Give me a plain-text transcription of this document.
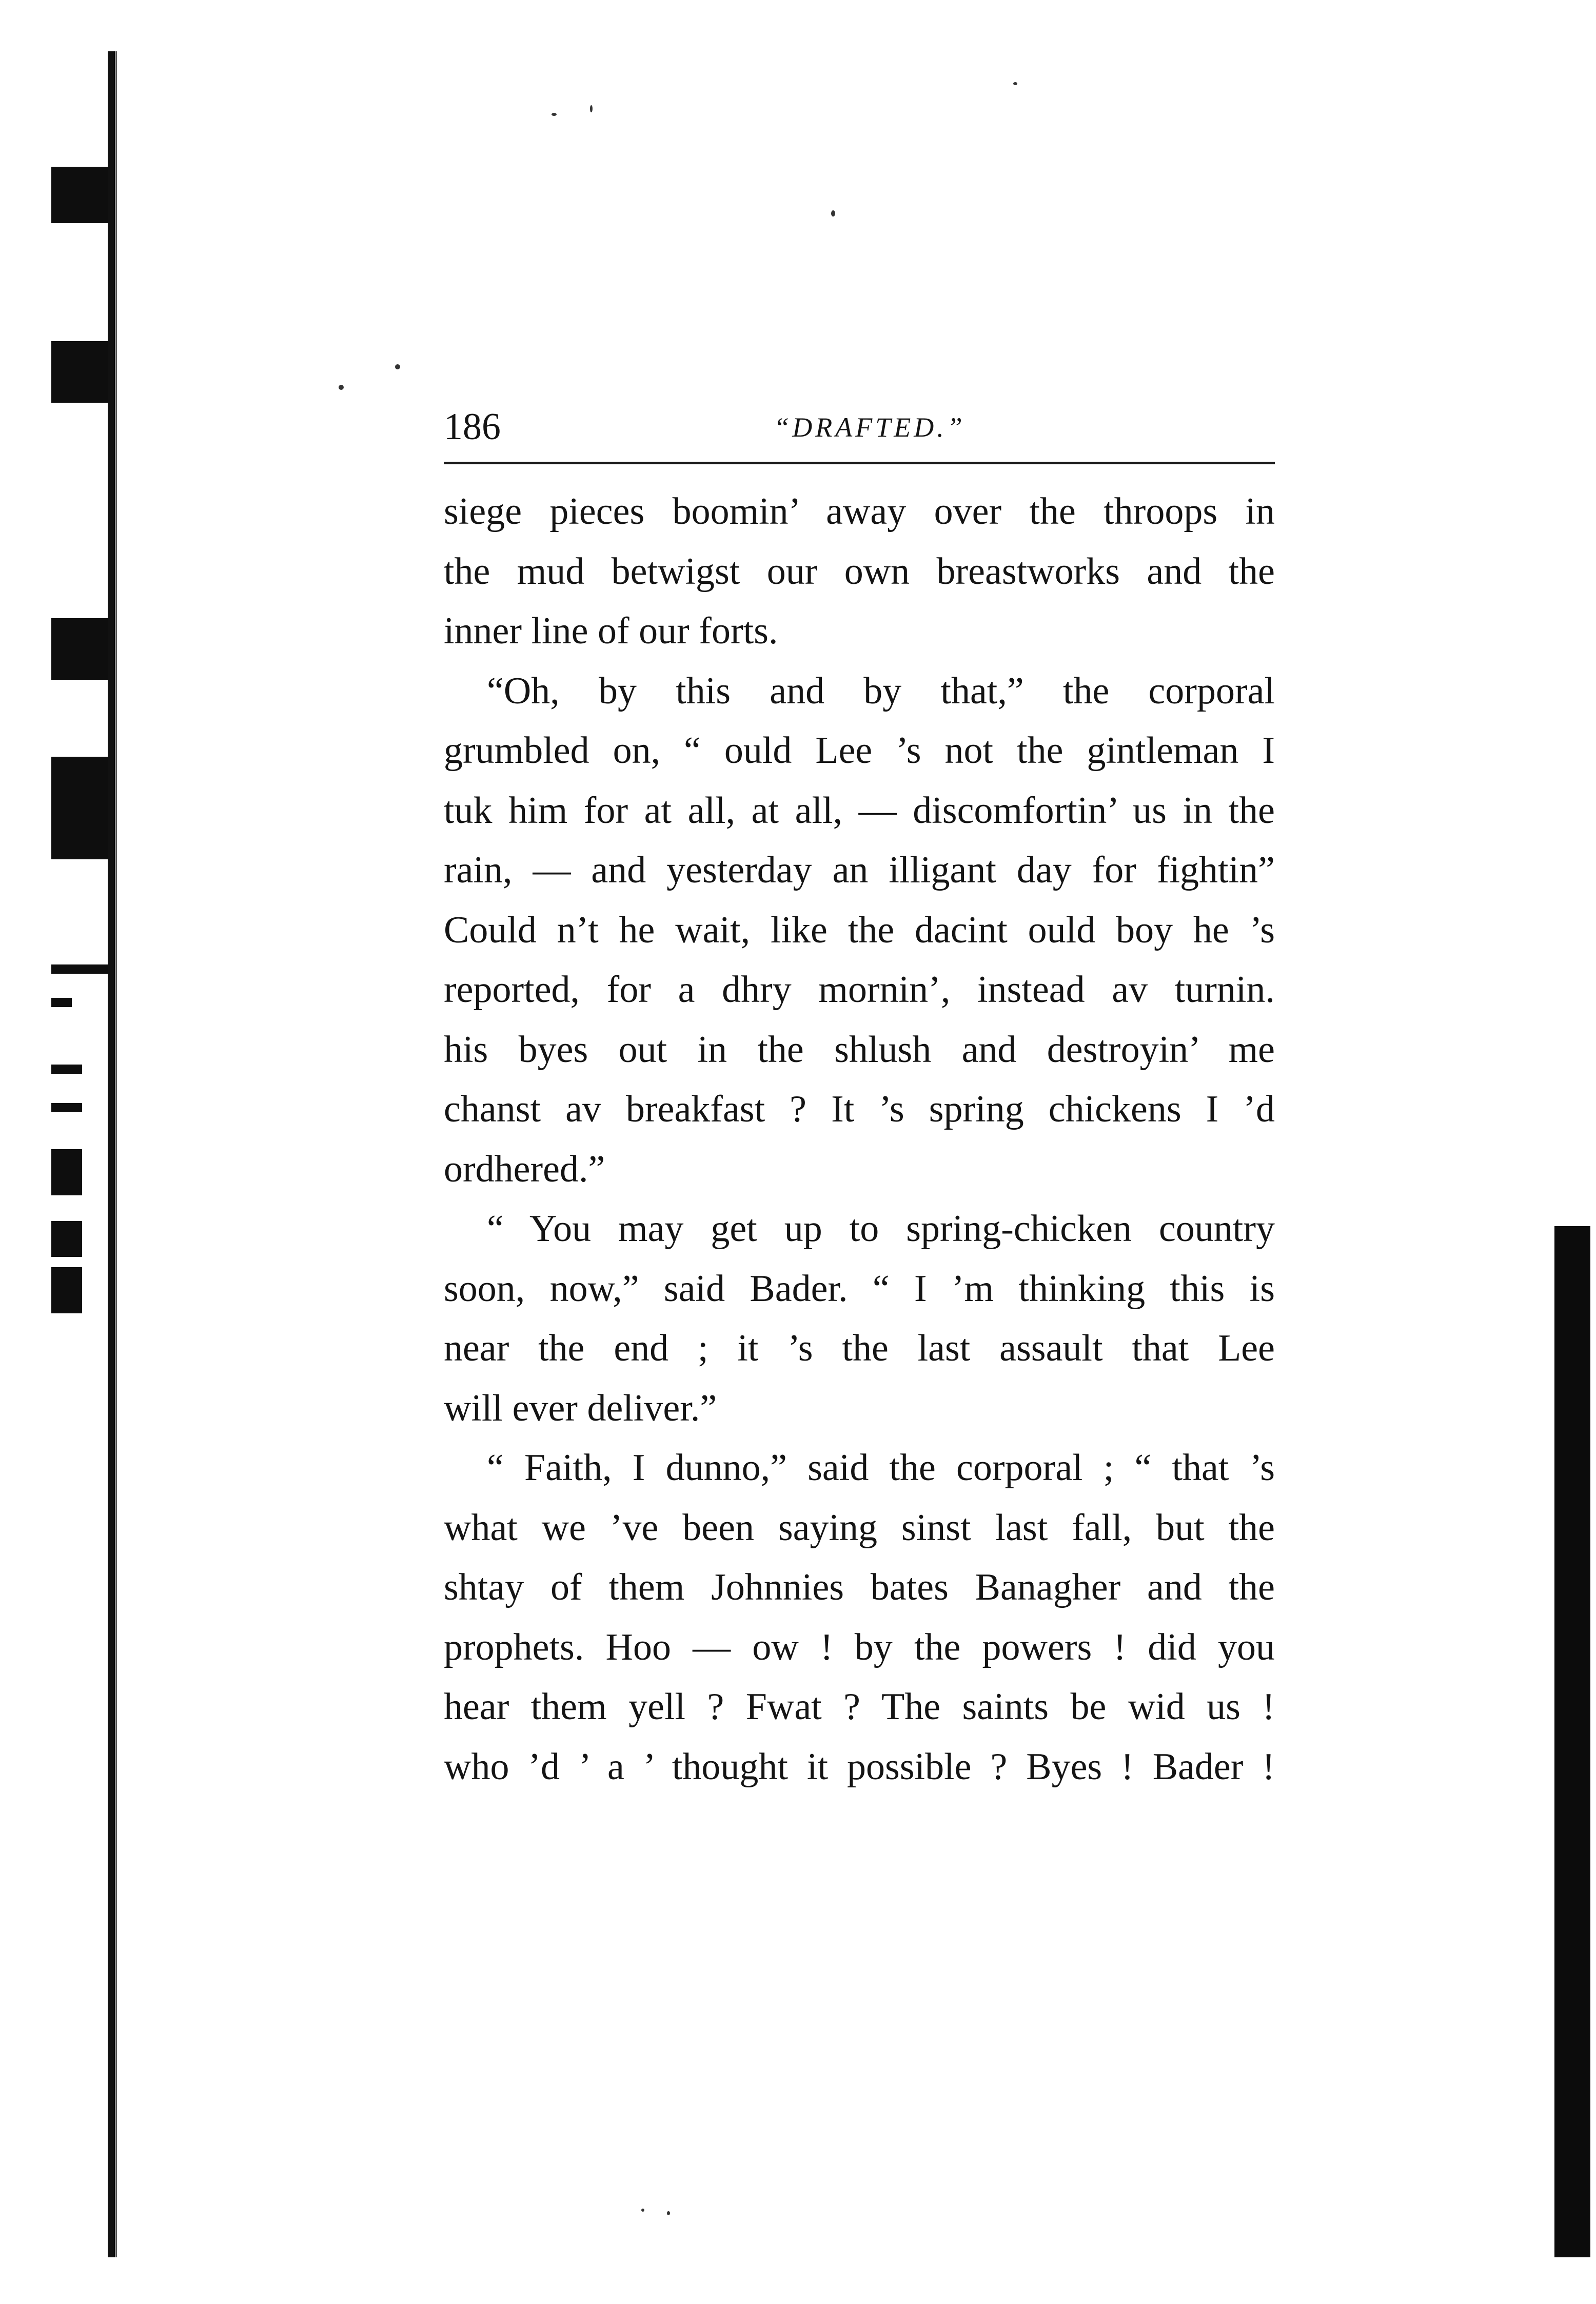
186	“DRAFTED.”
siege pieces boomin’ away over the throops in
the mud betwigst our own breastworks and the
inner line of our forts.
“Oh, by this and by that,” the corporal
grumbled on, “ ould Lee ’s not the gintleman I
tuk him for at all, at all, — discomfortin’ us in the
rain, — and yesterday an illigant day for fightin”
Could n’t he wait, like the dacint ould boy he ’s
reported, for a dhry mornin’, instead av turnin.
his byes out in the shlush and destroyin’ me
chanst av breakfast ? It ’s spring chickens I ’d
ordhered.”
“ You may get up to spring-chicken country
soon, now,” said Bader. “ I ’m thinking this is
near the end ; it ’s the last assault that Lee
will ever deliver.”
“ Faith, I dunno,” said the corporal ; “ that ’s
what we ’ve been saying sinst last fall, but the
shtay of them Johnnies bates Banagher and the
prophets. Hoo — ow ! by the powers ! did you
hear them yell ? Fwat ? The saints be wid us !
who ’d ’ a ’ thought it possible ? Byes ! Bader !
